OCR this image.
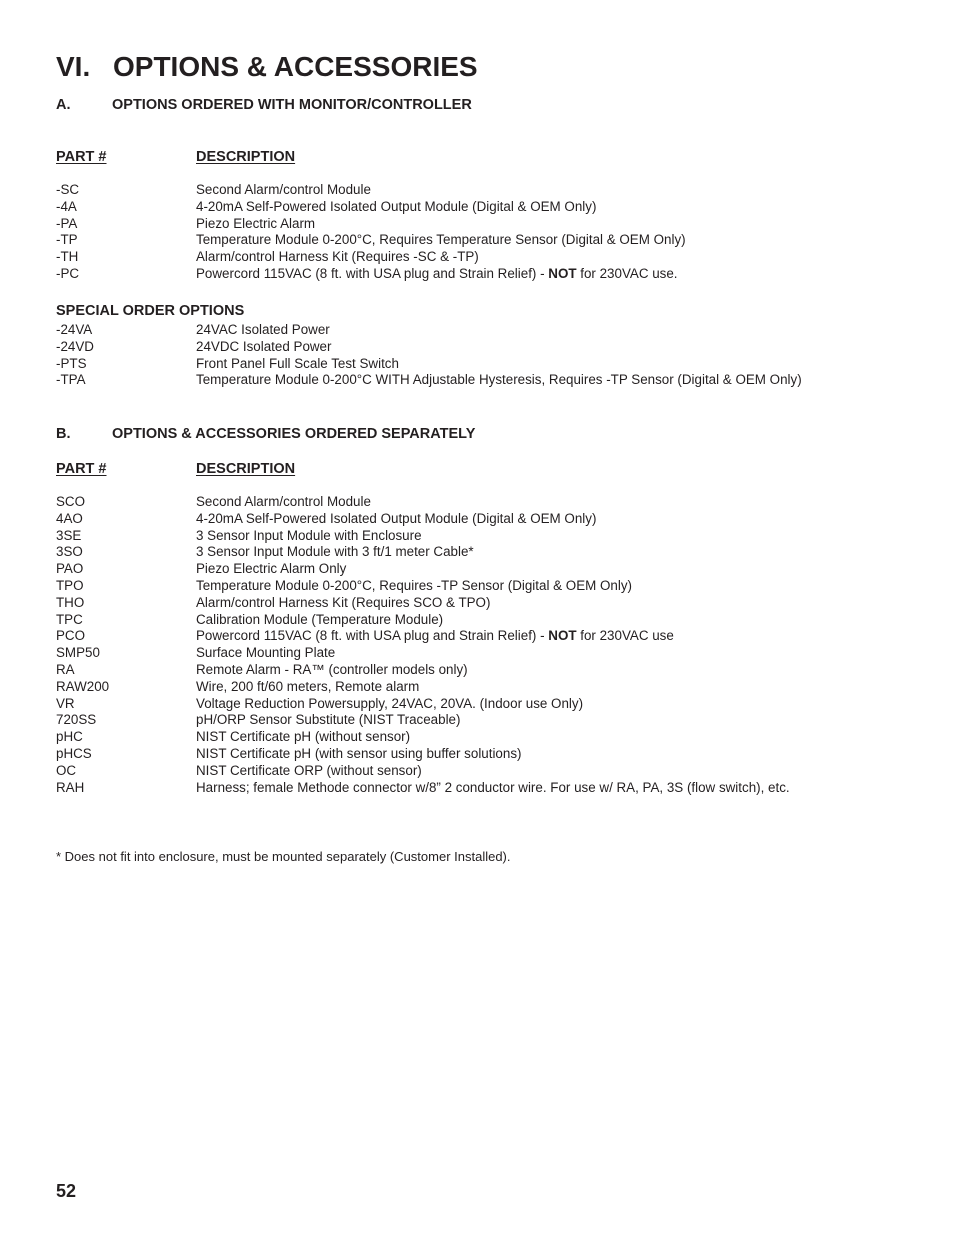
VI. OPTIONS & ACCESSORIES
A.	OPTIONS ORDERED WITH MONITOR/CONTROLLER
PART #	DESCRIPTION
-SC	Second Alarm/control Module
-4A	4-20mA Self-Powered Isolated Output Module (Digital & OEM Only)
-PA	Piezo Electric Alarm
-TP	Temperature Module 0-200°C, Requires Temperature Sensor (Digital & OEM Only)
-TH	Alarm/control Harness Kit (Requires -SC & -TP)
-PC	Powercord 115VAC (8 ft. with USA plug and Strain Relief) - NOT for 230VAC use.
SPECIAL ORDER OPTIONS
-24VA	24VAC Isolated Power
-24VD	24VDC Isolated Power
-PTS	Front Panel Full Scale Test Switch
-TPA	Temperature Module 0-200°C WITH Adjustable Hysteresis, Requires -TP Sensor (Digital & OEM Only)
B.	OPTIONS & ACCESSORIES ORDERED SEPARATELY
PART #	DESCRIPTION
SCO	Second Alarm/control Module
4AO	4-20mA Self-Powered Isolated Output Module (Digital & OEM Only)
3SE	3 Sensor Input Module with Enclosure
3SO	3 Sensor Input Module with 3 ft/1 meter Cable*
PAO	Piezo Electric Alarm Only
TPO	Temperature Module 0-200°C, Requires -TP Sensor (Digital & OEM Only)
THO	Alarm/control Harness Kit (Requires SCO & TPO)
TPC	Calibration Module (Temperature Module)
PCO	Powercord 115VAC (8 ft. with USA plug and Strain Relief) - NOT for 230VAC use
SMP50	Surface Mounting Plate
RA	Remote Alarm - RA™ (controller models only)
RAW200	Wire, 200 ft/60 meters, Remote alarm
VR	Voltage Reduction Powersupply, 24VAC, 20VA. (Indoor use Only)
720SS	pH/ORP Sensor Substitute (NIST Traceable)
pHC	NIST Certificate pH (without sensor)
pHCS	NIST Certificate pH (with sensor using buffer solutions)
OC	NIST Certificate ORP (without sensor)
RAH	Harness; female Methode connector w/8” 2 conductor wire. For use w/ RA, PA, 3S (flow switch), etc.

* Does not fit into enclosure, must be mounted separately (Customer Installed).

52
